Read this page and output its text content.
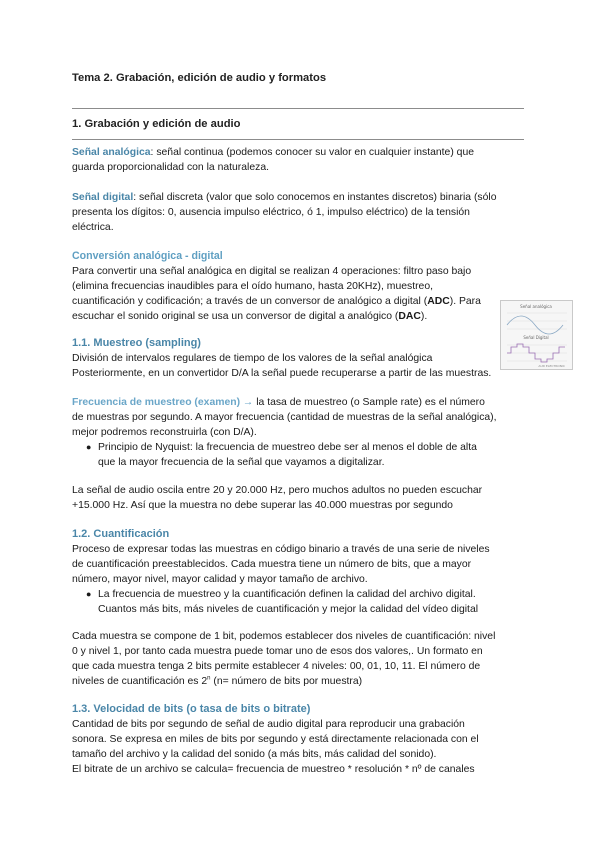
Tema 2. Grabación, edición de audio y formatos
1. Grabación y edición de audio
Señal analógica: señal continua (podemos conocer su valor en cualquier instante) que
guarda proporcionalidad con la naturaleza.
Señal digital: señal discreta (valor que solo conocemos en instantes discretos) binaria (sólo
presenta los dígitos: 0, ausencia impulso eléctrico, ó 1, impulso eléctrico) de la tensión
eléctrica.
Conversión analógica - digital
Para convertir una señal analógica en digital se realizan 4 operaciones: filtro paso bajo
(elimina frecuencias inaudibles para el oído humano, hasta 20KHz), muestreo,
cuantificación y codificación; a través de un conversor de analógico a digital (ADC). Para
escuchar el sonido original se usa un conversor de digital a analógico (DAC).
1.1. Muestreo (sampling)
División de intervalos regulares de tiempo de los valores de la señal analógica
Posteriormente, en un convertidor D/A la señal puede recuperarse a partir de las muestras.
Frecuencia de muestreo (examen) → la tasa de muestreo (o Sample rate) es el número
de muestras por segundo. A mayor frecuencia (cantidad de muestras de la señal analógica),
mejor podremos reconstruirla (con D/A).
● Principio de Nyquist: la frecuencia de muestreo debe ser al menos el doble de alta
que la mayor frecuencia de la señal que vayamos a digitalizar.
La señal de audio oscila entre 20 y 20.000 Hz, pero muchos adultos no pueden escuchar
+15.000 Hz. Así que la muestra no debe superar las 40.000 muestras por segundo
1.2. Cuantificación
Proceso de expresar todas las muestras en código binario a través de una serie de niveles
de cuantificación preestablecidos. Cada muestra tiene un número de bits, que a mayor
número, mayor nivel, mayor calidad y mayor tamaño de archivo.
● La frecuencia de muestreo y la cuantificación definen la calidad del archivo digital.
Cuantos más bits, más niveles de cuantificación y mejor la calidad del vídeo digital
Cada muestra se compone de 1 bit, podemos establecer dos niveles de cuantificación: nivel
0 y nivel 1, por tanto cada muestra puede tomar uno de esos dos valores,. Un formato en
que cada muestra tenga 2 bits permite establecer 4 niveles: 00, 01, 10, 11. El número de
niveles de cuantificación es 2$^n$ (n= número de bits por muestra)
1.3. Velocidad de bits (o tasa de bits o bitrate)
Cantidad de bits por segundo de señal de audio digital para reproducir una grabación
sonora. Se expresa en miles de bits por segundo y está directamente relacionada con el
tamaño del archivo y la calidad del sonido (a más bits, más calidad del sonido).
El bitrate de un archivo se calcula= frecuencia de muestreo * resolución * nº de canales
Señal analógica
Señal Digital
AUD ELECTRONIC
